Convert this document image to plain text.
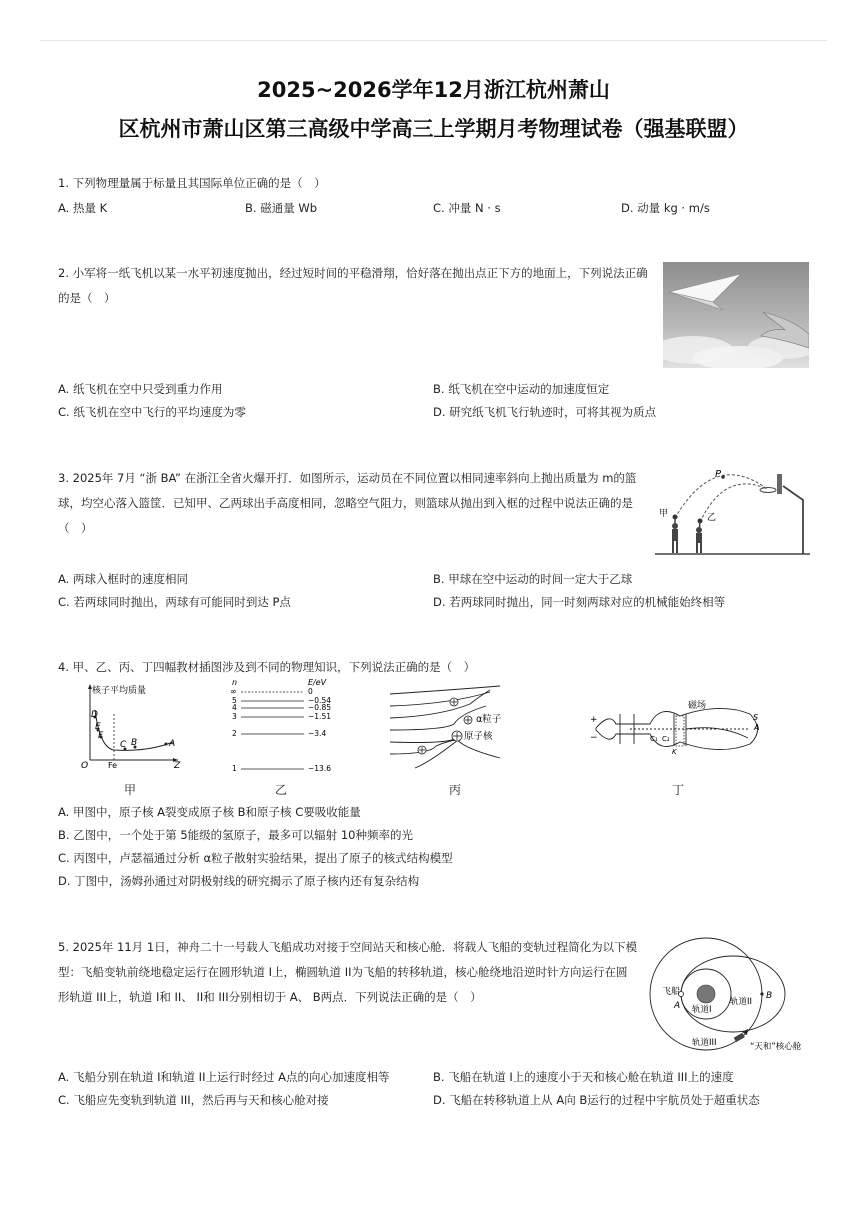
2025~2026学年12月浙江杭州萧山
区杭州市萧山区第三高级中学高三上学期月考物理试卷（强基联盟）
1. 下列物理量属于标量且其国际单位正确的是（　）
A. 热量 K	B. 磁通量 Wb	C. 冲量 N · s	D. 动量 kg · m/s
2. 小军将一纸飞机以某一水平初速度抛出，经过短时间的平稳滑翔，恰好落在抛出点正下方的地面上，下列说法正确的是（　）
A. 纸飞机在空中只受到重力作用	B. 纸飞机在空中运动的加速度恒定
C. 纸飞机在空中飞行的平均速度为零	D. 研究纸飞机飞行轨迹时，可将其视为质点
3. 2025年 7月 “浙 BA” 在浙江全省火爆开打．如图所示，运动员在不同位置以相同速率斜向上抛出质量为 m的篮球，均空心落入篮筐．已知甲、乙两球出手高度相同，忽略空气阻力，则篮球从抛出到入框的过程中说法正确的是（　）
P
甲	乙
A. 两球入框时的速度相同	B. 甲球在空中运动的时间一定大于乙球
C. 若两球同时抛出，两球有可能同时到达 P点	D. 若两球同时抛出，同一时刻两球对应的机械能始终相等
4. 甲、乙、丙、丁四幅教材插图涉及到不同的物理知识，下列说法正确的是（　）
核子平均质量
D
E
F
C B	A
O Fe	Z
n	E/eV
∞	0
5	−0.54
4	−0.85
3	−1.51
2	−3.4
1	−13.6
α粒子
原子核
磁场
S
A
C₁ C₂
K
+
−
甲	乙	丙	丁
A. 甲图中，原子核 A裂变成原子核 B和原子核 C要吸收能量
B. 乙图中，一个处于第 5能级的氢原子，最多可以辐射 10种频率的光
C. 丙图中，卢瑟福通过分析 α粒子散射实验结果，提出了原子的核式结构模型
D. 丁图中，汤姆孙通过对阴极射线的研究揭示了原子核内还有复杂结构
5. 2025年 11月 1日，神舟二十一号载人飞船成功对接于空间站天和核心舱．将载人飞船的变轨过程简化为以下模型：飞船变轨前绕地稳定运行在圆形轨道 I上，椭圆轨道 II为飞船的转移轨道，核心舱绕地沿逆时针方向运行在圆形轨道 III上，轨道 I和 II、 II和 III分别相切于 A、 B两点．下列说法正确的是（　）	飞船
A
B
轨道I
轨道II
轨道III	“天和”核心舱
A. 飞船分别在轨道 I和轨道 II上运行时经过 A点的向心加速度相等	B. 飞船在轨道 I上的速度小于天和核心舱在轨道 III上的速度
C. 飞船应先变轨到轨道 III，然后再与天和核心舱对接	D. 飞船在转移轨道上从 A向 B运行的过程中宇航员处于超重状态
